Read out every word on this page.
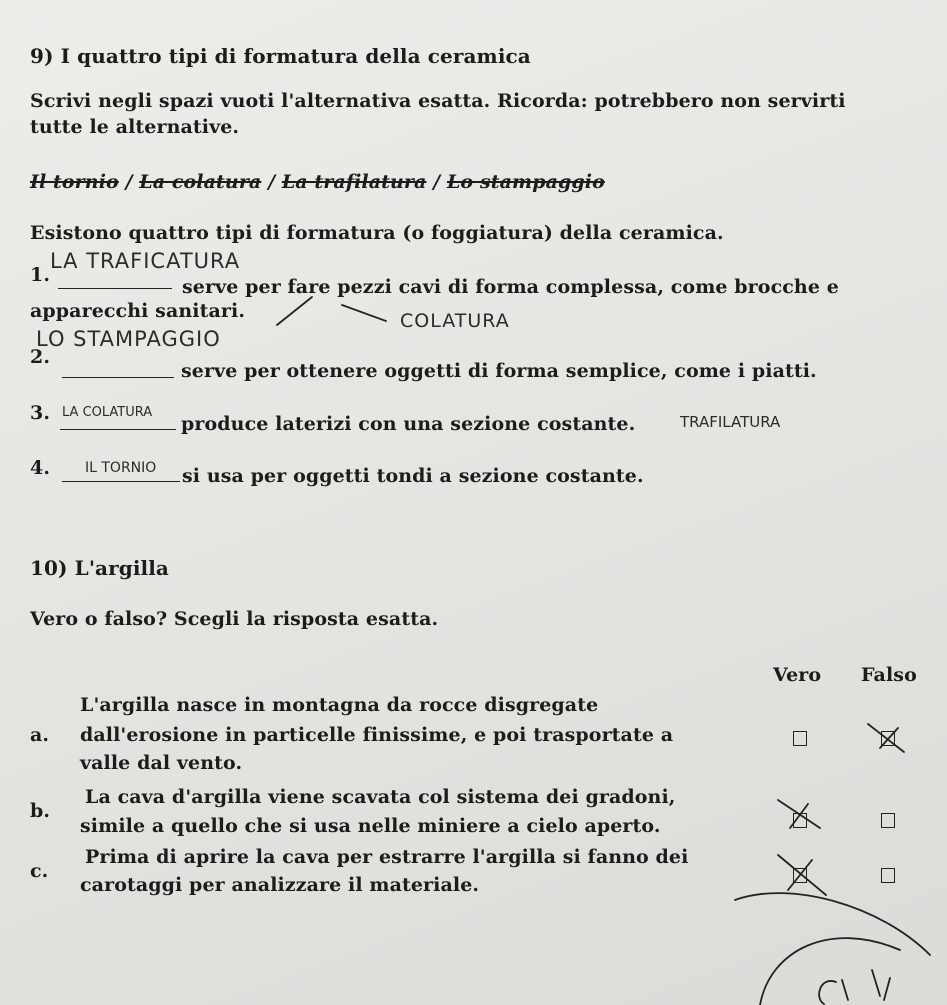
9) I quattro tipi di formatura della ceramica
Scrivi negli spazi vuoti l'alternativa esatta. Ricorda: potrebbero non servirti
tutte le alternative.
Il tornio / La colatura / La trafilatura / Lo stampaggio
Esistono quattro tipi di formatura (o foggiatura) della ceramica.
LA TRAFICATURA
1.
serve per fare pezzi cavi di forma complessa, come brocche e
apparecchi sanitari.	COLATURA
LO STAMPAGGIO
2.
serve per ottenere oggetti di forma semplice, come i piatti.
3. LA COLATURA
produce laterizi con una sezione costante.	TRAFILATURA
4. IL TORNIO si usa per oggetti tondi a sezione costante.
10) L'argilla
Vero o falso? Scegli la risposta esatta.
Vero Falso
a.
L'argilla nasce in montagna da rocce disgregate
dall'erosione in particelle finissime, e poi trasportate a
valle dal vento.
b.
La cava d'argilla viene scavata col sistema dei gradoni,
simile a quello che si usa nelle miniere a cielo aperto.
c.
Prima di aprire la cava per estrarre l'argilla si fanno dei
carotaggi per analizzare il materiale.
